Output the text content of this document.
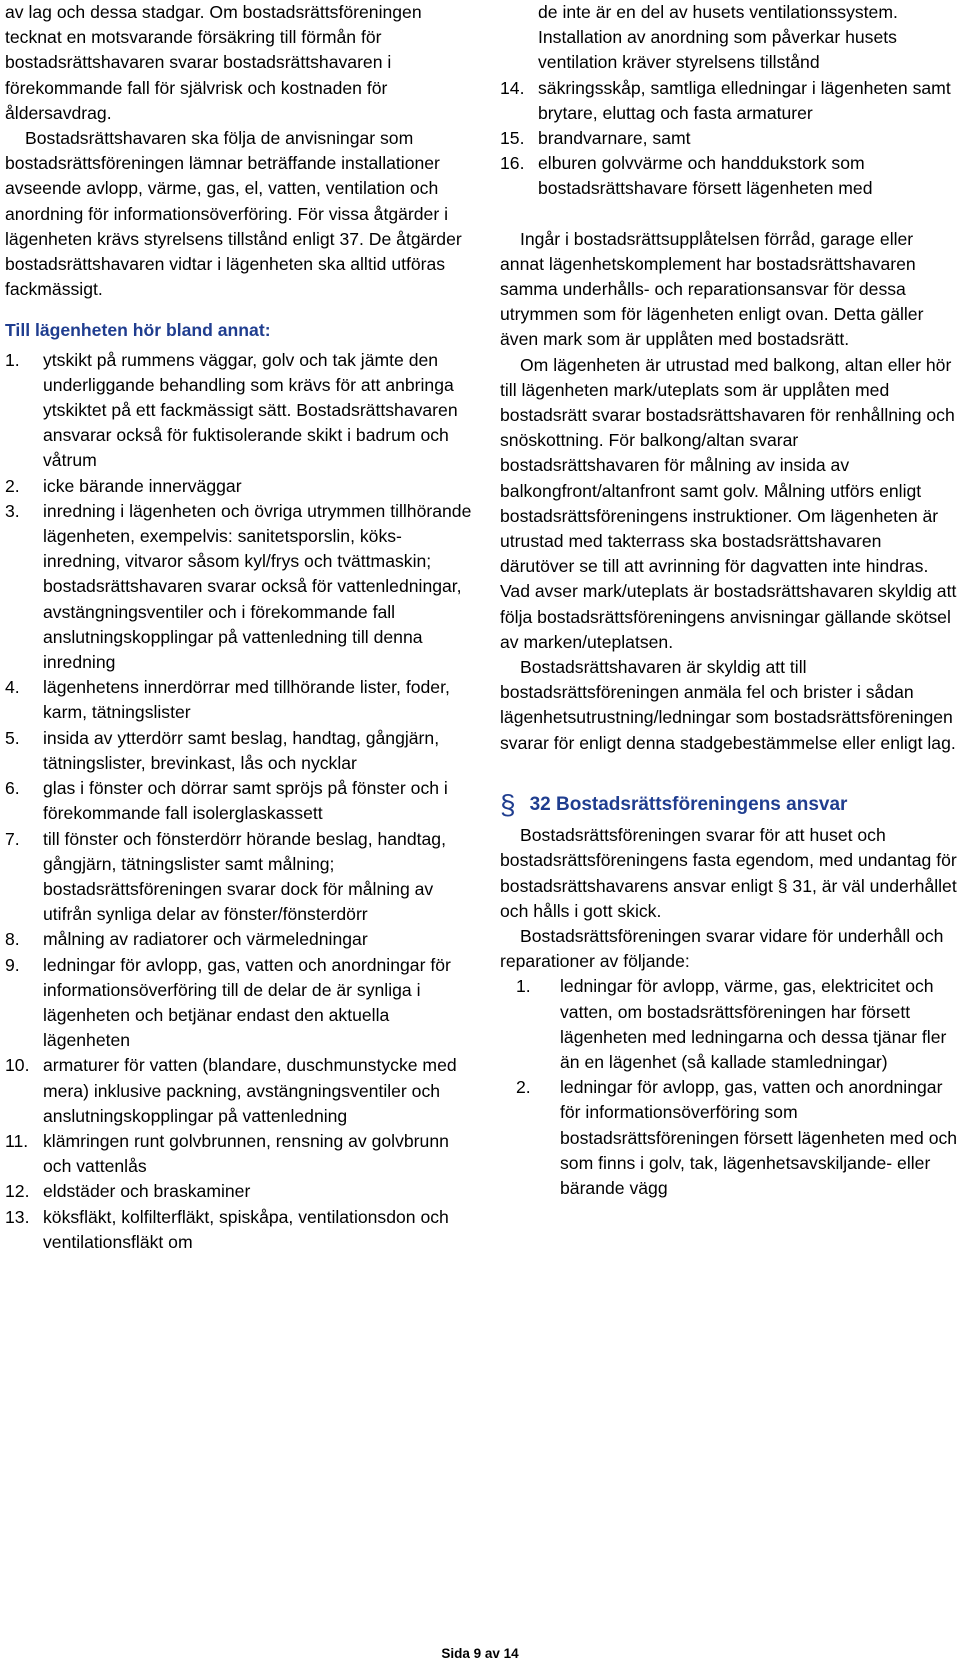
av lag och dessa stadgar. Om bostadsrättsföreningen tecknat en motsvarande försäkring till förmån för bostadsrättshavaren svarar bostadsrättshavaren i förekommande fall för självrisk och kostnaden för åldersavdrag.

Bostadsrättshavaren ska följa de anvisningar som bostadsrättsföreningen lämnar beträffande installationer avseende avlopp, värme, gas, el, vatten, ventilation och anordning för informationsöverföring. För vissa åtgärder i lägenheten krävs styrelsens tillstånd enligt 37. De åtgärder bostadsrättshavaren vidtar i lägenheten ska alltid utföras fackmässigt.

Till lägenheten hör bland annat:

1.	ytskikt på rummens väggar, golv och tak jämte den underliggande behandling som krävs för att anbringa ytskiktet på ett fackmässigt sätt. Bostadsrättshavaren ansvarar också för fuktisolerande skikt i badrum och våtrum
2.	icke bärande innerväggar
3.	inredning i lägenheten och övriga utrymmen tillhörande lägenheten, exempelvis: sanitetsporslin, köksinredning, vitvaror såsom kyl/frys och tvättmaskin; bostadsrättshavaren svarar också för vattenledningar, avstängningsventiler och i förekommande fall anslutningskopplingar på vattenledning till denna inredning
4.	lägenhetens innerdörrar med tillhörande lister, foder, karm, tätningslister
5.	insida av ytterdörr samt beslag, handtag, gångjärn, tätningslister, brevinkast, lås och nycklar
6.	glas i fönster och dörrar samt spröjs på fönster och i förekommande fall isolerglaskassett
7.	till fönster och fönsterdörr hörande beslag, handtag, gångjärn, tätningslister samt målning; bostadsrättsföreningen svarar dock för målning av utifrån synliga delar av fönster/fönsterdörr
8.	målning av radiatorer och värmeledningar
9.	ledningar för avlopp, gas, vatten och anordningar för informationsöverföring till de delar de är synliga i lägenheten och betjänar endast den aktuella lägenheten
10. armaturer för vatten (blandare, duschmunstycke med mera) inklusive packning, avstängningsventiler och anslutningskopplingar på vattenledning
11. klämringen runt golvbrunnen, rensning av golvbrunn och vattenlås
12. eldstäder och braskaminer
13. köksfläkt, kolfilterfläkt, spiskåpa, ventilationsdon och ventilationsfläkt om
de inte är en del av husets ventilationssystem. Installation av anordning som påverkar husets ventilation kräver styrelsens tillstånd
14. säkringsskåp, samtliga elledningar i lägenheten samt brytare, eluttag och fasta armaturer
15. brandvarnare, samt
16. elburen golvvärme och handdukstork som bostadsrättshavare försett lägenheten med

Ingår i bostadsrättsupplåtelsen förråd, garage eller annat lägenhetskomplement har bostadsrättshavaren samma underhålls- och reparationsansvar för dessa utrymmen som för lägenheten enligt ovan. Detta gäller även mark som är upplåten med bostadsrätt.

Om lägenheten är utrustad med balkong, altan eller hör till lägenheten mark/uteplats som är upplåten med bostadsrätt svarar bostadsrättshavaren för renhållning och snöskottning. För balkong/altan svarar bostadsrättshavaren för målning av insida av balkongfront/altanfront samt golv. Målning utförs enligt bostadsrättsföreningens instruktioner. Om lägenheten är utrustad med takterrass ska bostadsrättshavaren därutöver se till att avrinning för dagvatten inte hindras. Vad avser mark/uteplats är bostadsrättshavaren skyldig att följa bostadsrättsföreningens anvisningar gällande skötsel av marken/uteplatsen.

Bostadsrättshavaren är skyldig att till bostadsrättsföreningen anmäla fel och brister i sådan lägenhetsutrustning/ledningar som bostadsrättsföreningen svarar för enligt denna stadgebestämmelse eller enligt lag.

§ 32 Bostadsrättsföreningens ansvar

Bostadsrättsföreningen svarar för att huset och bostadsrättsföreningens fasta egendom, med undantag för bostadsrättshavarens ansvar enligt § 31, är väl underhållet och hålls i gott skick.

Bostadsrättsföreningen svarar vidare för underhåll och reparationer av följande:

1.	ledningar för avlopp, värme, gas, elektricitet och vatten, om bostadsrättsföreningen har försett lägenheten med ledningarna och dessa tjänar fler än en lägenhet (så kallade stamledningar)
2.	ledningar för avlopp, gas, vatten och anordningar för informationsöverföring som bostadsrättsföreningen försett lägenheten med och som finns i golv, tak, lägenhetsavskiljande- eller bärande vägg
Sida 9 av 14
